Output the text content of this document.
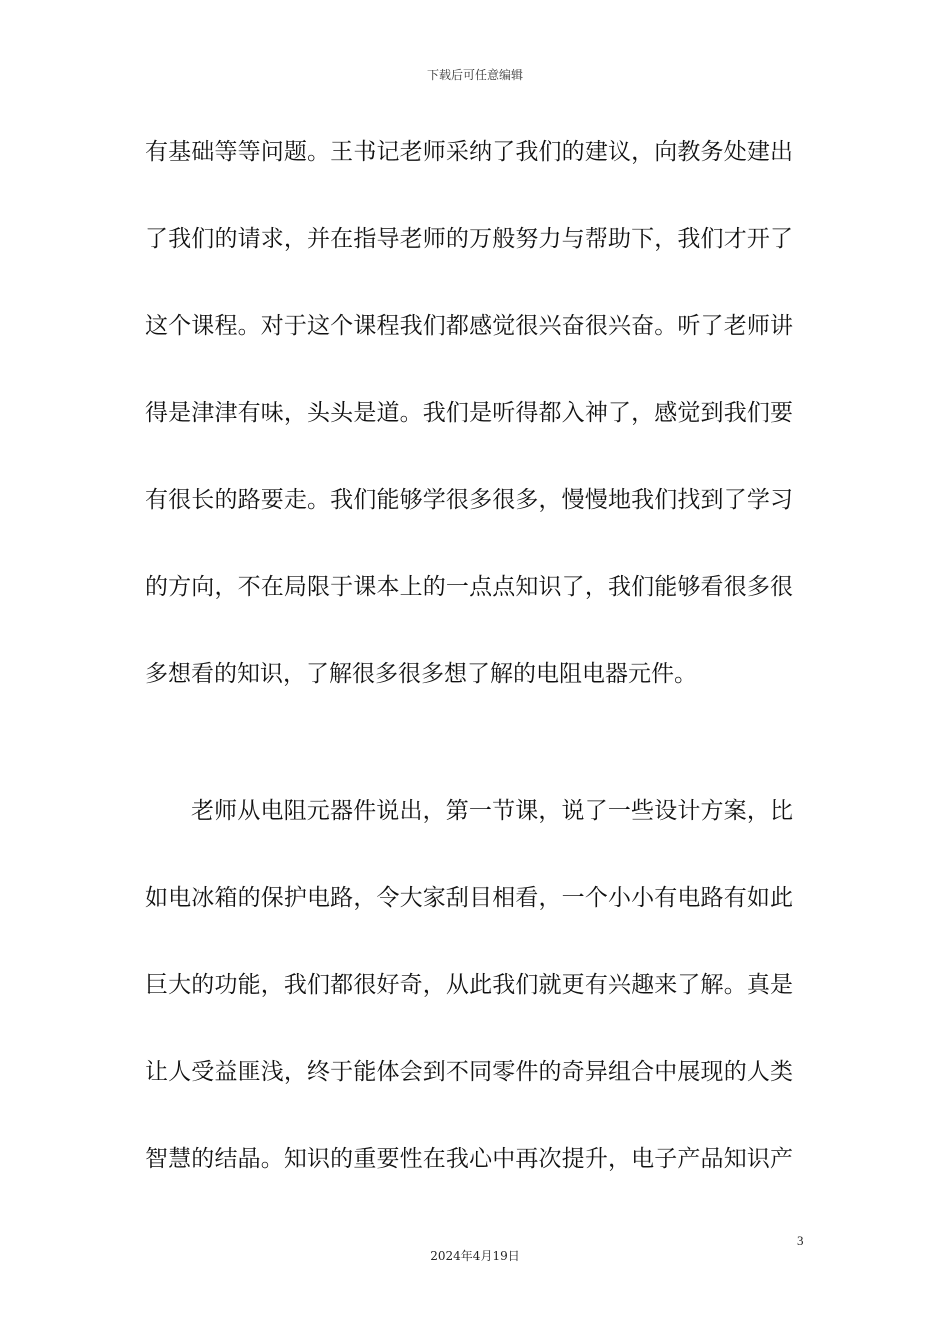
下载后可任意编辑
有基础等等问题。王书记老师采纳了我们的建议，向教务处建出
了我们的请求，并在指导老师的万般努力与帮助下，我们才开了
这个课程。对于这个课程我们都感觉很兴奋很兴奋。听了老师讲
得是津津有味，头头是道。我们是听得都入神了，感觉到我们要
有很长的路要走。我们能够学很多很多，慢慢地我们找到了学习
的方向，不在局限于课本上的一点点知识了，我们能够看很多很
多想看的知识，了解很多很多想了解的电阻电器元件。
老师从电阻元器件说出，第一节课，说了一些设计方案，比
如电冰箱的保护电路，令大家刮目相看，一个小小有电路有如此
巨大的功能，我们都很好奇，从此我们就更有兴趣来了解。真是
让人受益匪浅，终于能体会到不同零件的奇异组合中展现的人类
智慧的结晶。知识的重要性在我心中再次提升，电子产品知识产
3
2024年4月19日
